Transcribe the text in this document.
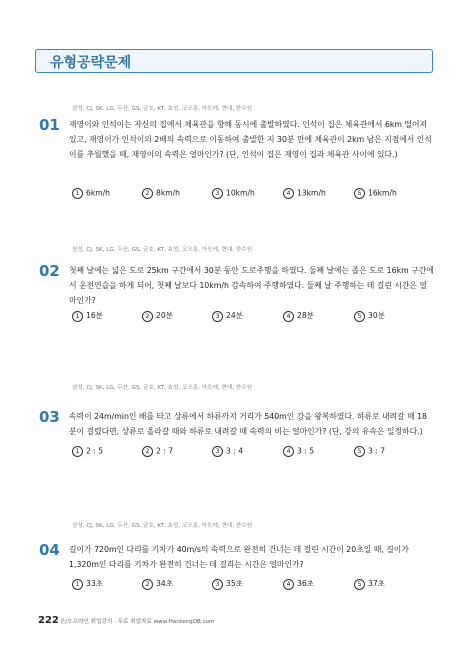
유형공략문제
삼성, CJ, SK, LG, 두산, GS, 금호, KT, 효성, 코오롱, 아모레, 현대, 한수원
01 재영이와 인석이는 자신의 집에서 체육관을 향해 동시에 출발하였다. 인석이 집은 체육관에서 6km 떨어져 있고, 재영이가 인석이의 2배의 속력으로 이동하여 출발한 지 30분 만에 체육관이 2km 남은 지점에서 인석이를 추월했을 때, 재영이의 속력은 얼마인가? (단, 인석이 집은 재영이 집과 체육관 사이에 있다.)
1 6km/h	2 8km/h	3 10km/h	4 13km/h	5 16km/h
삼성, CJ, SK, LG, 두산, GS, 금호, KT, 효성, 코오롱, 아모레, 현대, 한수원
02 첫째 날에는 넓은 도로 25km 구간에서 30분 동안 도로주행을 하였다. 둘째 날에는 좁은 도로 16km 구간에서 운전연습을 하게 되어, 첫째 날보다 10km/h 감속하여 주행하였다. 둘째 날 주행하는 데 걸린 시간은 얼마인가?
1 16분	2 20분	3 24분	4 28분	5 30분
삼성, CJ, SK, LG, 두산, GS, 금호, KT, 효성, 코오롱, 아모레, 현대, 한수원
03 속력이 24m/min인 배를 타고 상류에서 하류까지 거리가 540m인 강을 왕복하였다. 하류로 내려갈 때 18분이 걸렸다면, 상류로 올라갈 때와 하류로 내려갈 때 속력의 비는 얼마인가? (단, 강의 유속은 일정하다.)
1 2 : 5	2 2 : 7	3 3 : 4	4 3 : 5	5 3 : 7
삼성, CJ, SK, LG, 두산, GS, 금호, KT, 효성, 코오롱, 아모레, 현대, 한수원
04 길이가 720m인 다리를 기차가 40m/s의 속력으로 완전히 건너는 데 걸린 시간이 20초일 때, 길이가 1,320m인 다리를 기차가 완전히 건너는 데 걸리는 시간은 얼마인가?
1 33초	2 34초	3 35초	4 36초	5 37초
222 온/오프라인 취업강의 · 무료 취업자료 www.HackersJOB.com
